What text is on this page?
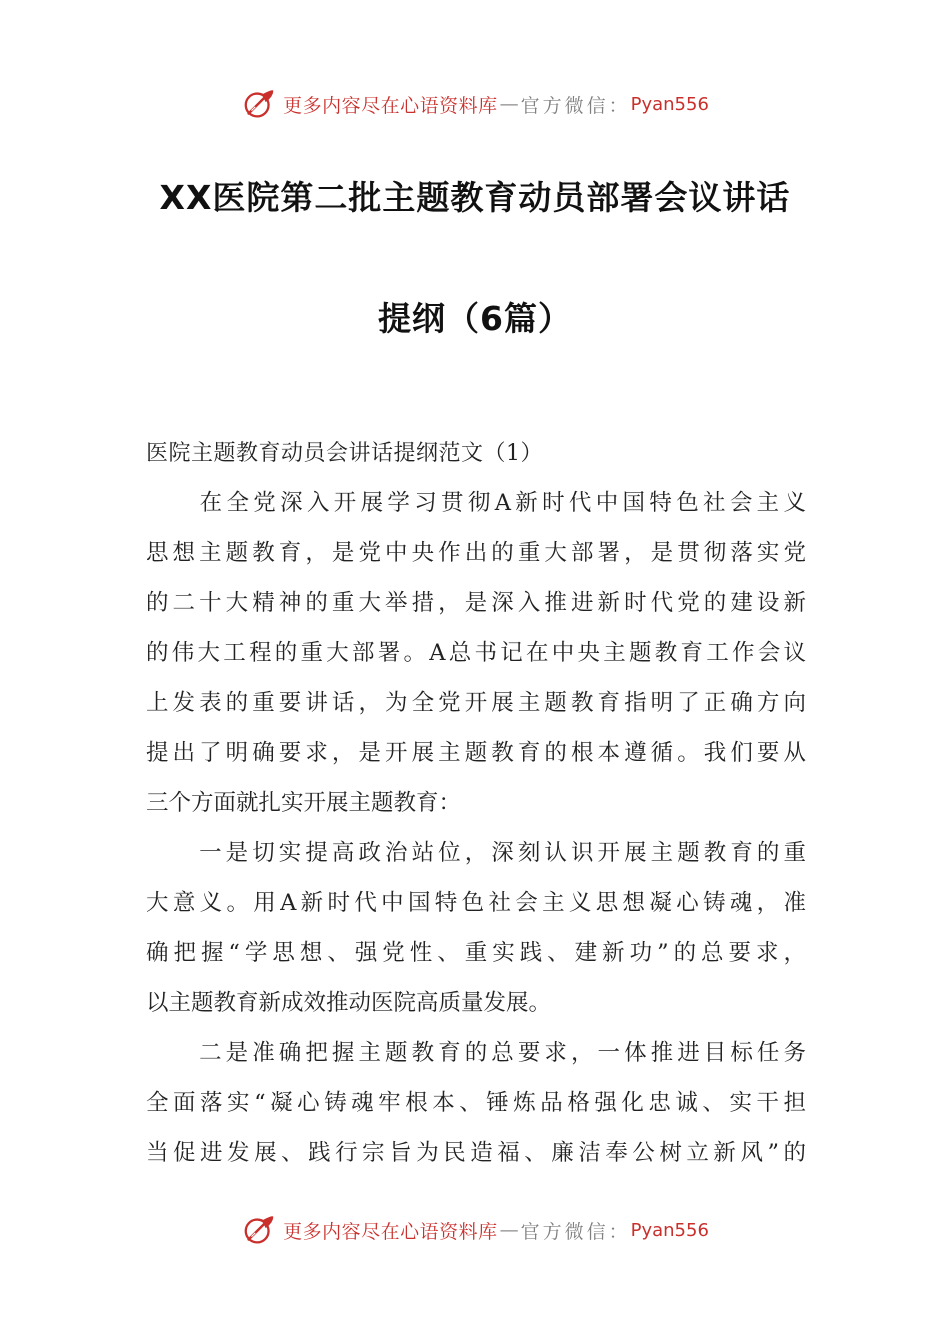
更多内容尽在心语资料库 — 官方微信： Pyan556
XX医院第二批主题教育动员部署会议讲话
提纲（6篇）
医院主题教育动员会讲话提纲范文（1）
　　在全党深入开展学习贯彻A新时代中国特色社会主义
思想主题教育，是党中央作出的重大部署，是贯彻落实党
的二十大精神的重大举措，是深入推进新时代党的建设新
的伟大工程的重大部署。A总书记在中央主题教育工作会议
上发表的重要讲话，为全党开展主题教育指明了正确方向
提出了明确要求，是开展主题教育的根本遵循。我们要从
三个方面就扎实开展主题教育：
　　一是切实提高政治站位，深刻认识开展主题教育的重
大意义。用A新时代中国特色社会主义思想凝心铸魂，准
确把握“学思想、强党性、重实践、建新功”的总要求，
以主题教育新成效推动医院高质量发展。
　　二是准确把握主题教育的总要求，一体推进目标任务
全面落实“凝心铸魂牢根本、锤炼品格强化忠诚、实干担
当促进发展、践行宗旨为民造福、廉洁奉公树立新风”的
更多内容尽在心语资料库 — 官方微信： Pyan556
